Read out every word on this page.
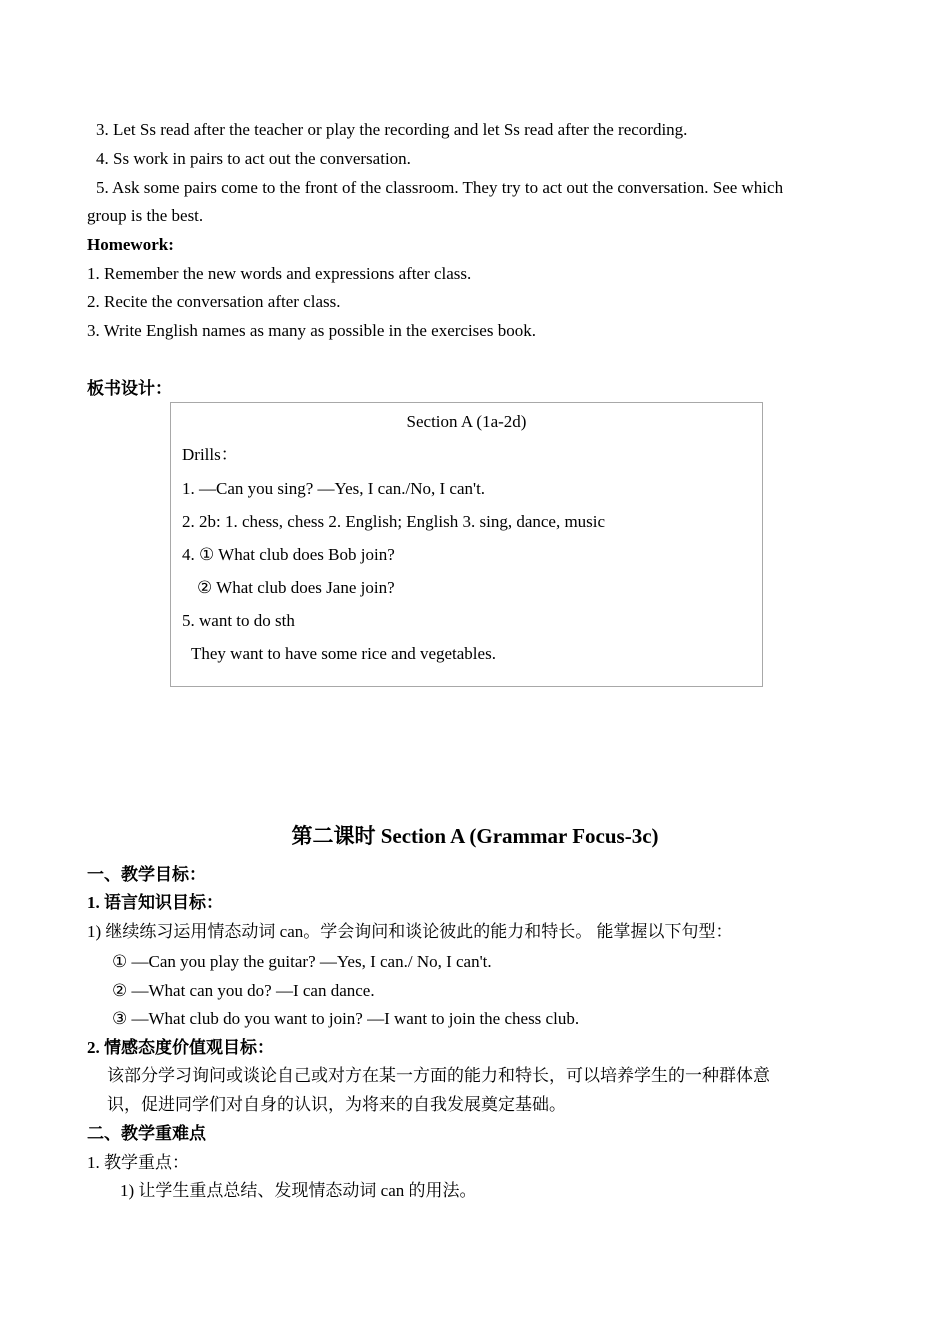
3. Let Ss read after the teacher or play the recording and let Ss read after the recording.
4. Ss work in pairs to act out the conversation.
5. Ask some pairs come to the front of the classroom. They try to act out the conversation. See which
group is the best.
Homework:
1. Remember the new words and expressions after class.
2. Recite the conversation after class.
3. Write English names as many as possible in the exercises book.
板书设计：
Section A (1a-2d)
Drills：
1. —Can you sing? —Yes, I can./No, I can't.
2. 2b: 1. chess, chess 2. English; English 3. sing, dance, music
4. ① What club does Bob join?
② What club does Jane join?
5. want to do sth
They want to have some rice and vegetables.
第二课时 Section A (Grammar Focus-3c)
一、教学目标：
1. 语言知识目标：
1) 继续练习运用情态动词 can。学会询问和谈论彼此的能力和特长。 能掌握以下句型：
① —Can you play the guitar? —Yes, I can./ No, I can't.
② —What can you do? —I can dance.
③ —What club do you want to join? —I want to join the chess club.
2. 情感态度价值观目标：
该部分学习询问或谈论自己或对方在某一方面的能力和特长，可以培养学生的一种群体意
识，促进同学们对自身的认识，为将来的自我发展奠定基础。
二、教学重难点
1. 教学重点：
1) 让学生重点总结、发现情态动词 can 的用法。
